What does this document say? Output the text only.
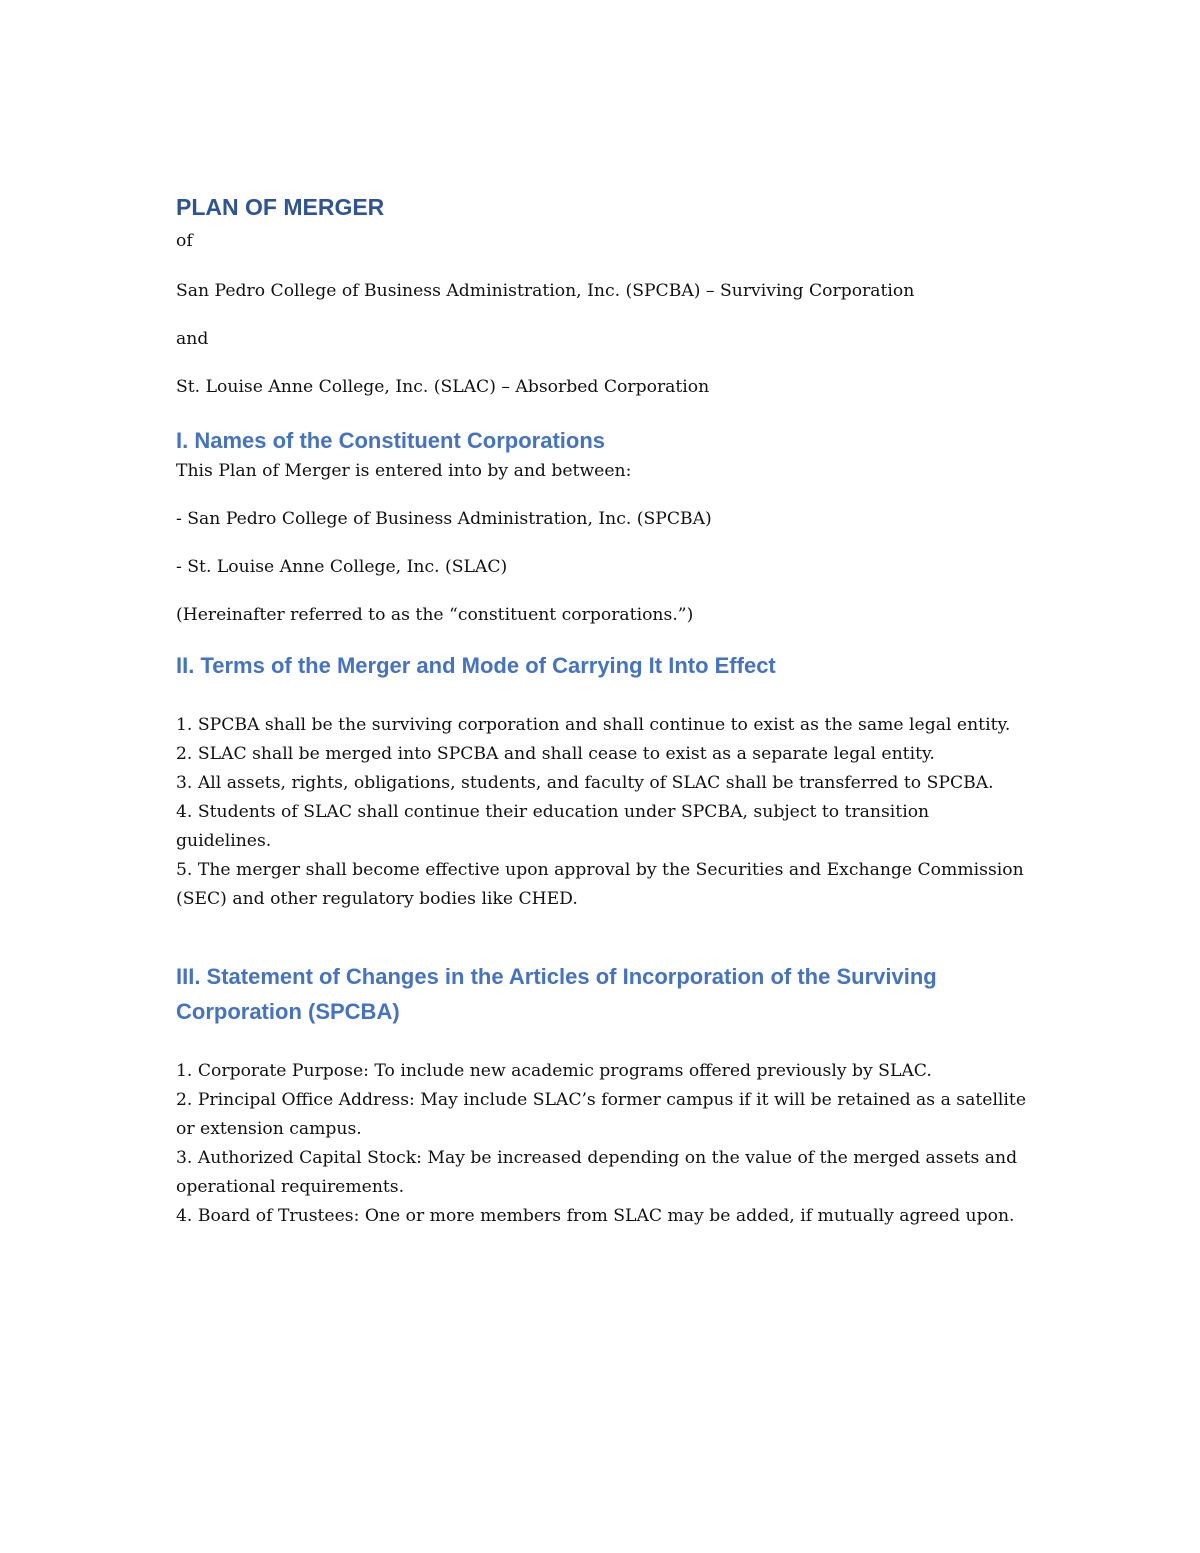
PLAN OF MERGER

of

San Pedro College of Business Administration, Inc. (SPCBA) – Surviving Corporation

and

St. Louise Anne College, Inc. (SLAC) – Absorbed Corporation

I. Names of the Constituent Corporations

This Plan of Merger is entered into by and between:

- San Pedro College of Business Administration, Inc. (SPCBA)

- St. Louise Anne College, Inc. (SLAC)

(Hereinafter referred to as the “constituent corporations.”)

II. Terms of the Merger and Mode of Carrying It Into Effect
1. SPCBA shall be the surviving corporation and shall continue to exist as the same legal entity.
2. SLAC shall be merged into SPCBA and shall cease to exist as a separate legal entity.
3. All assets, rights, obligations, students, and faculty of SLAC shall be transferred to SPCBA.
4. Students of SLAC shall continue their education under SPCBA, subject to transition guidelines.
5. The merger shall become effective upon approval by the Securities and Exchange Commission (SEC) and other regulatory bodies like CHED.
III. Statement of Changes in the Articles of Incorporation of the Surviving Corporation (SPCBA)
1. Corporate Purpose: To include new academic programs offered previously by SLAC.
2. Principal Office Address: May include SLAC’s former campus if it will be retained as a satellite or extension campus.
3. Authorized Capital Stock: May be increased depending on the value of the merged assets and operational requirements.
4. Board of Trustees: One or more members from SLAC may be added, if mutually agreed upon.
